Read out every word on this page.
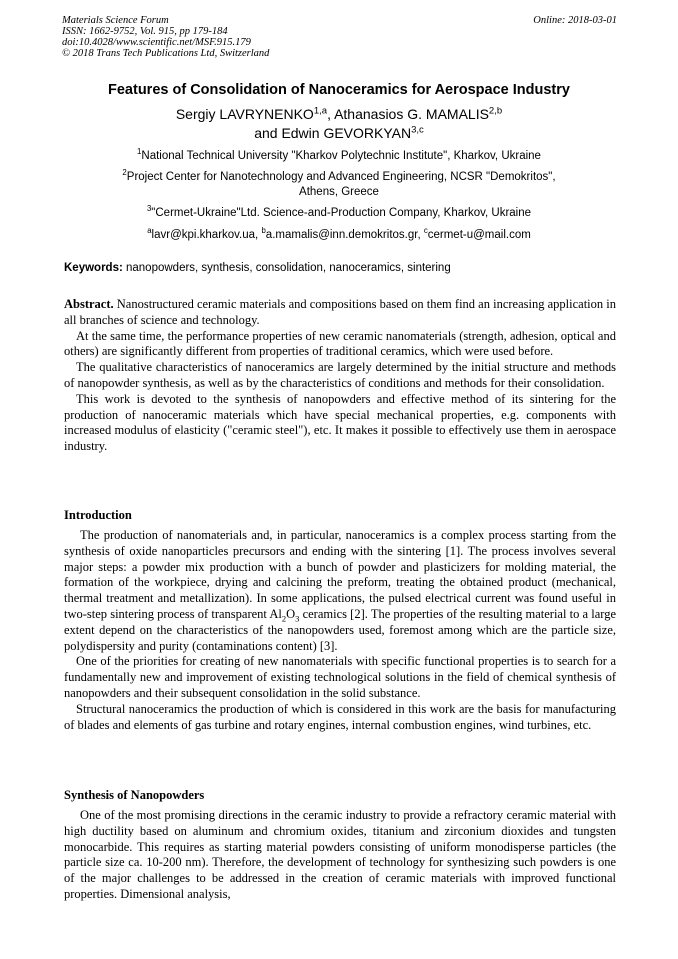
Materials Science Forum
ISSN: 1662-9752, Vol. 915, pp 179-184
doi:10.4028/www.scientific.net/MSF.915.179
© 2018 Trans Tech Publications Ltd, Switzerland
Online: 2018-03-01
Features of Consolidation of Nanoceramics for Aerospace Industry
Sergiy LAVRYNENKO$^{1,a}$, Athanasios G. MAMALIS$^{2,b}$
and Edwin GEVORKYAN$^{3,c}$
$^1$National Technical University "Kharkov Polytechnic Institute", Kharkov, Ukraine
$^2$Project Center for Nanotechnology and Advanced Engineering, NCSR "Demokritos",
Athens, Greece
$^3$"Cermet-Ukraine"Ltd. Science-and-Production Company, Kharkov, Ukraine
$^a$lavr@kpi.kharkov.ua, $^b$a.mamalis@inn.demokritos.gr, $^c$cermet-u@mail.com
Keywords: nanopowders, synthesis, consolidation, nanoceramics, sintering

Abstract. Nanostructured ceramic materials and compositions based on them find an increasing application in all branches of science and technology.

At the same time, the performance properties of new ceramic nanomaterials (strength, adhesion, optical and others) are significantly different from properties of traditional ceramics, which were used before.

The qualitative characteristics of nanoceramics are largely determined by the initial structure and methods of nanopowder synthesis, as well as by the characteristics of conditions and methods for their consolidation.

This work is devoted to the synthesis of nanopowders and effective method of its sintering for the production of nanoceramic materials which have special mechanical properties, e.g. components with increased modulus of elasticity ("ceramic steel"), etc. It makes it possible to effectively use them in aerospace industry.

Introduction

The production of nanomaterials and, in particular, nanoceramics is a complex process starting from the synthesis of oxide nanoparticles precursors and ending with the sintering [1]. The process involves several major steps: a powder mix production with a bunch of powder and plasticizers for molding material, the formation of the workpiece, drying and calcining the preform, treating the obtained product (mechanical, thermal treatment and metallization). In some applications, the pulsed electrical current was found useful in two-step sintering process of transparent $Al_2O_3$ ceramics [2]. The properties of the resulting material to a large extent depend on the characteristics of the nanopowders used, foremost among which are the particle size, polydispersity and purity (contaminations content) [3].

One of the priorities for creating of new nanomaterials with specific functional properties is to search for a fundamentally new and improvement of existing technological solutions in the field of chemical synthesis of nanopowders and their subsequent consolidation in the solid substance.

Structural nanoceramics the production of which is considered in this work are the basis for manufacturing of blades and elements of gas turbine and rotary engines, internal combustion engines, wind turbines, etc.

Synthesis of Nanopowders

One of the most promising directions in the ceramic industry to provide a refractory ceramic material with high ductility based on aluminum and chromium oxides, titanium and zirconium dioxides and tungsten monocarbide. This requires as starting material powders consisting of uniform monodisperse particles (the particle size ca. 10-200 nm). Therefore, the development of technology for synthesizing such powders is one of the major challenges to be addressed in the creation of ceramic materials with improved functional properties. Dimensional analysis,
